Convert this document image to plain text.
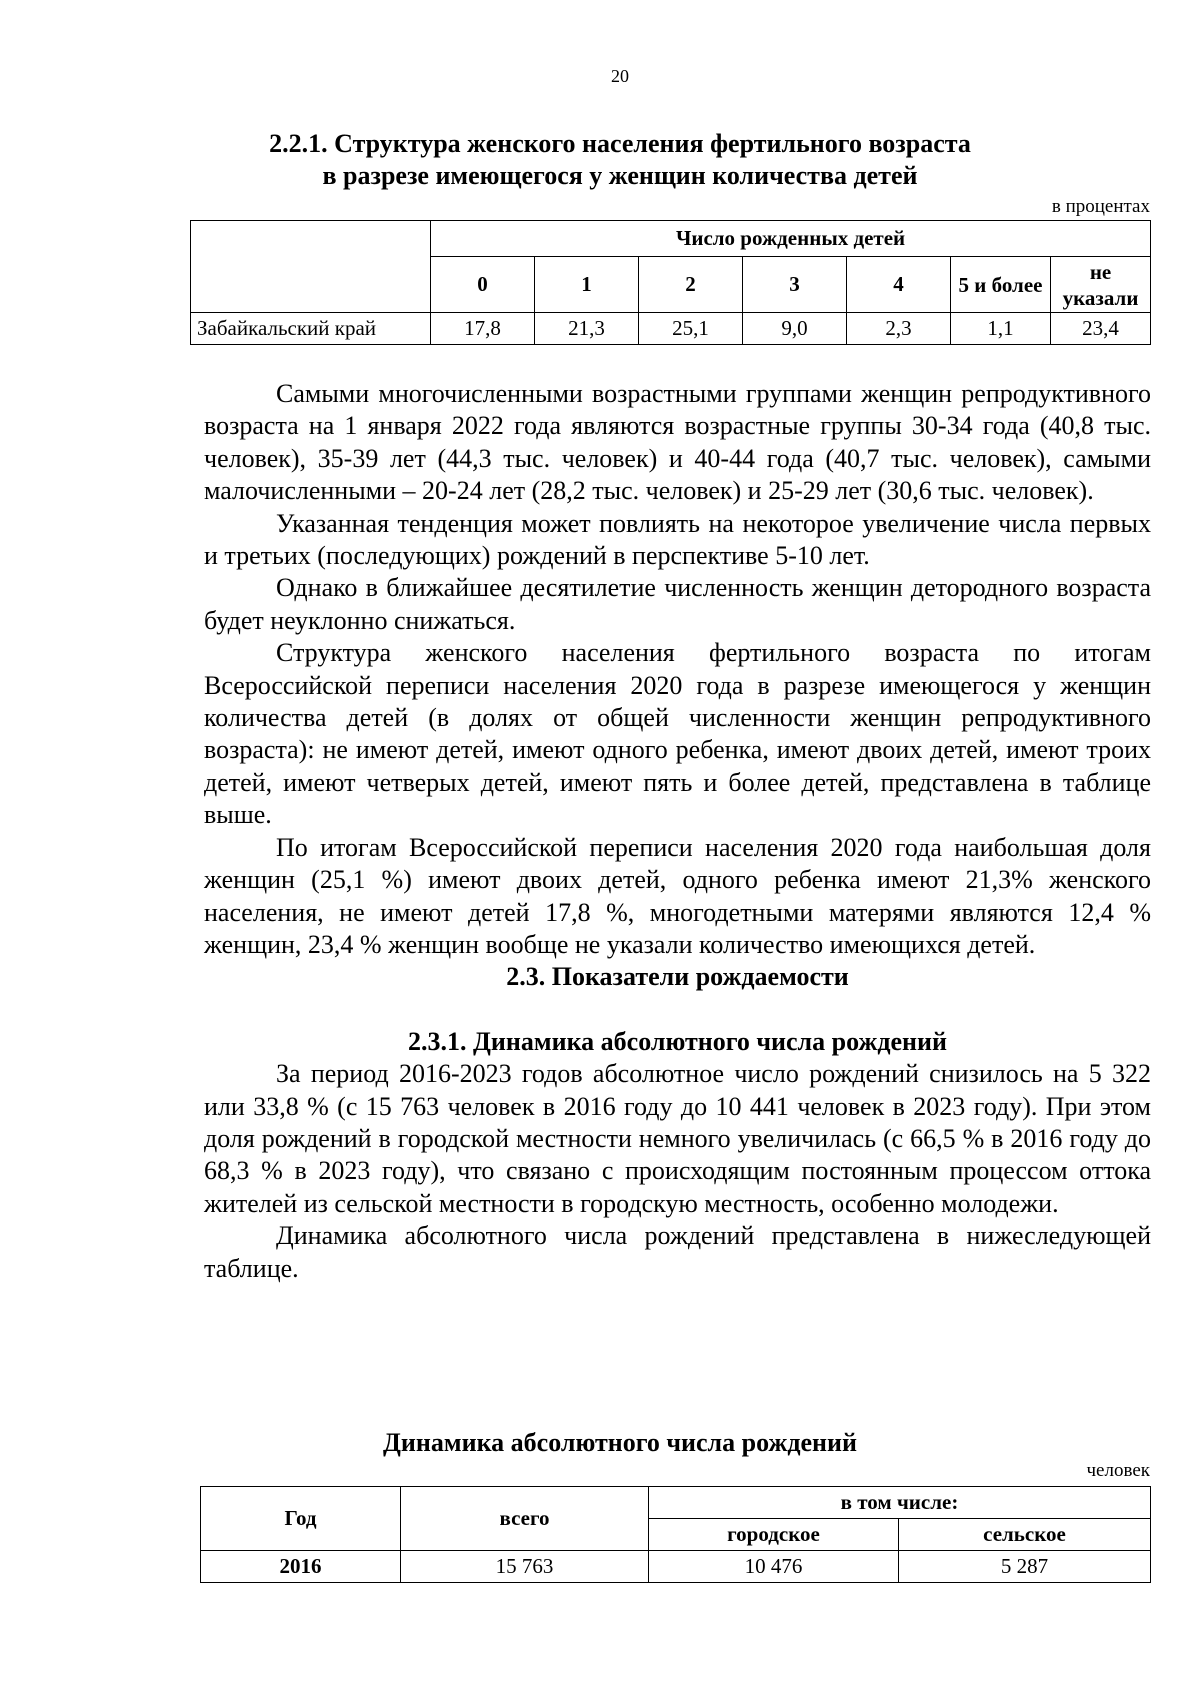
20
2.2.1. Структура женского населения фертильного возраста
в разрезе имеющегося у женщин количества детей
в процентах
	Число рожденных детей						
	0	1	2	3	4	5 и более	не указали
Забайкальский край	17,8	21,3	25,1	9,0	2,3	1,1	23,4

Самыми многочисленными возрастными группами женщин репродуктивного возраста на 1 января 2022 года являются возрастные группы 30-34 года (40,8 тыс. человек), 35-39 лет (44,3 тыс. человек) и 40-44 года (40,7 тыс. человек), самыми малочисленными – 20-24 лет (28,2 тыс. человек) и 25-29 лет (30,6 тыс. человек).

Указанная тенденция может повлиять на некоторое увеличение числа первых и третьих (последующих) рождений в перспективе 5-10 лет.

Однако в ближайшее десятилетие численность женщин детородного возраста будет неуклонно снижаться.

Структура женского населения фертильного возраста по итогам Всероссийской переписи населения 2020 года в разрезе имеющегося у женщин количества детей (в долях от общей численности женщин репродуктивного возраста): не имеют детей, имеют одного ребенка, имеют двоих детей, имеют троих детей, имеют четверых детей, имеют пять и более детей, представлена в таблице выше.

По итогам Всероссийской переписи населения 2020 года наибольшая доля женщин (25,1 %) имеют двоих детей, одного ребенка имеют 21,3% женского населения, не имеют детей 17,8 %, многодетными матерями являются 12,4 % женщин, 23,4 % женщин вообще не указали количество имеющихся детей.

2.3. Показатели рождаемости
2.3.1. Динамика абсолютного числа рождений

За период 2016-2023 годов абсолютное число рождений снизилось на 5 322 или 33,8 % (с 15 763 человек в 2016 году до 10 441 человек в 2023 году). При этом доля рождений в городской местности немного увеличилась (с 66,5 % в 2016 году до 68,3 % в 2023 году), что связано с происходящим постоянным процессом оттока жителей из сельской местности в городскую местность, особенно молодежи.

Динамика абсолютного числа рождений представлена в нижеследующей таблице.

Динамика абсолютного числа рождений
человек
Год	всего	в том числе:	
		городское	сельское
2016	15 763	10 476	5 287
